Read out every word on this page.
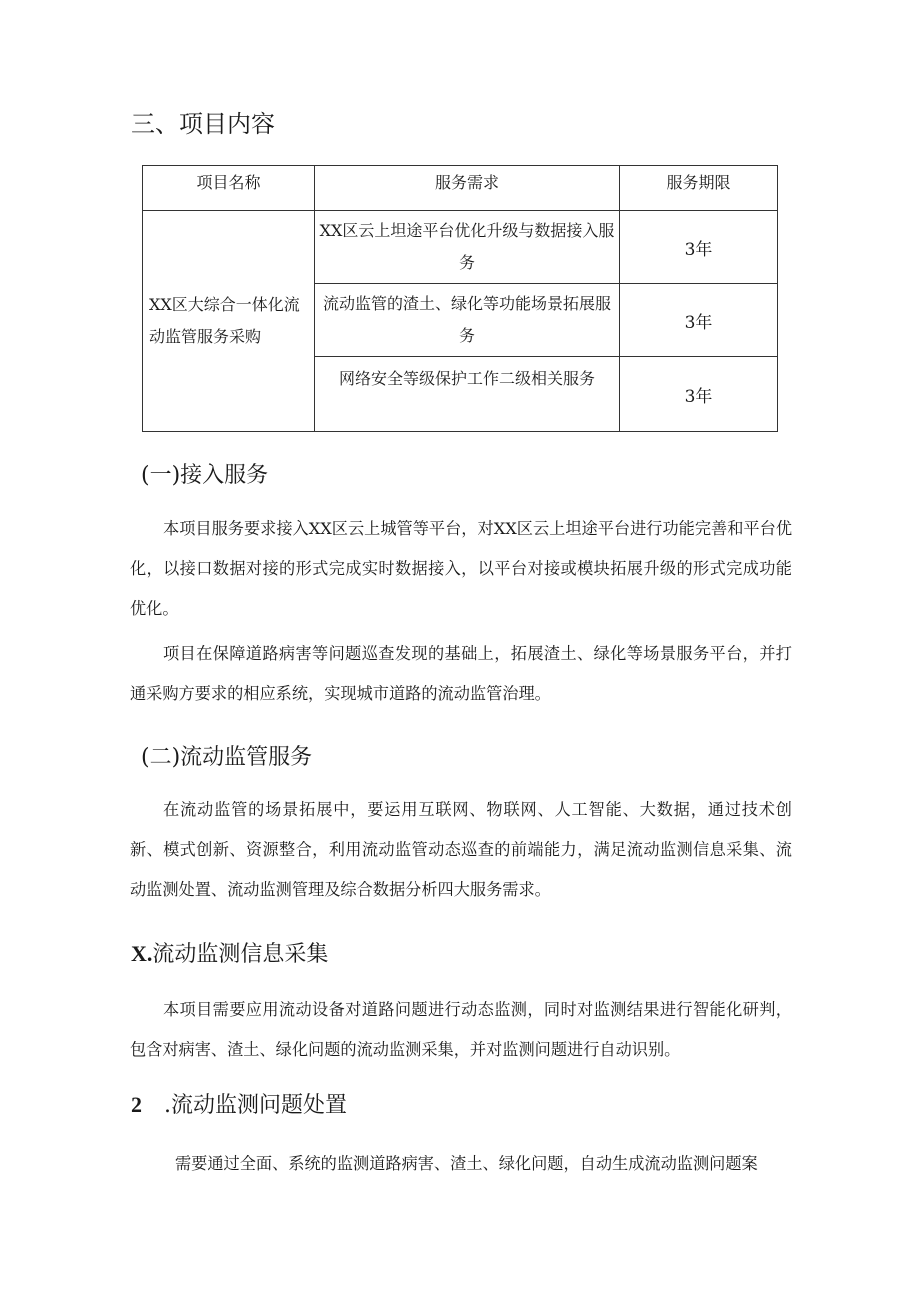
三、项目内容
项目名称	服务需求	服务期限
XX区大综合一体化流动监管服务采购	XX区云上坦途平台优化升级与数据接入服务	3年
	流动监管的渣土、绿化等功能场景拓展服务	3年
	网络安全等级保护工作二级相关服务	3年
(一)接入服务

本项目服务要求接入XX区云上城管等平台，对XX区云上坦途平台进行功能完善和平台优化，以接口数据对接的形式完成实时数据接入，以平台对接或模块拓展升级的形式完成功能优化。

项目在保障道路病害等问题巡查发现的基础上，拓展渣土、绿化等场景服务平台，并打通采购方要求的相应系统，实现城市道路的流动监管治理。

(二)流动监管服务

在流动监管的场景拓展中，要运用互联网、物联网、人工智能、大数据，通过技术创新、模式创新、资源整合，利用流动监管动态巡查的前端能力，满足流动监测信息采集、流动监测处置、流动监测管理及综合数据分析四大服务需求。

X.流动监测信息采集

本项目需要应用流动设备对道路问题进行动态监测，同时对监测结果进行智能化研判，包含对病害、渣土、绿化问题的流动监测采集，并对监测问题进行自动识别。

2 .流动监测问题处置

需要通过全面、系统的监测道路病害、渣土、绿化问题，自动生成流动监测问题案
